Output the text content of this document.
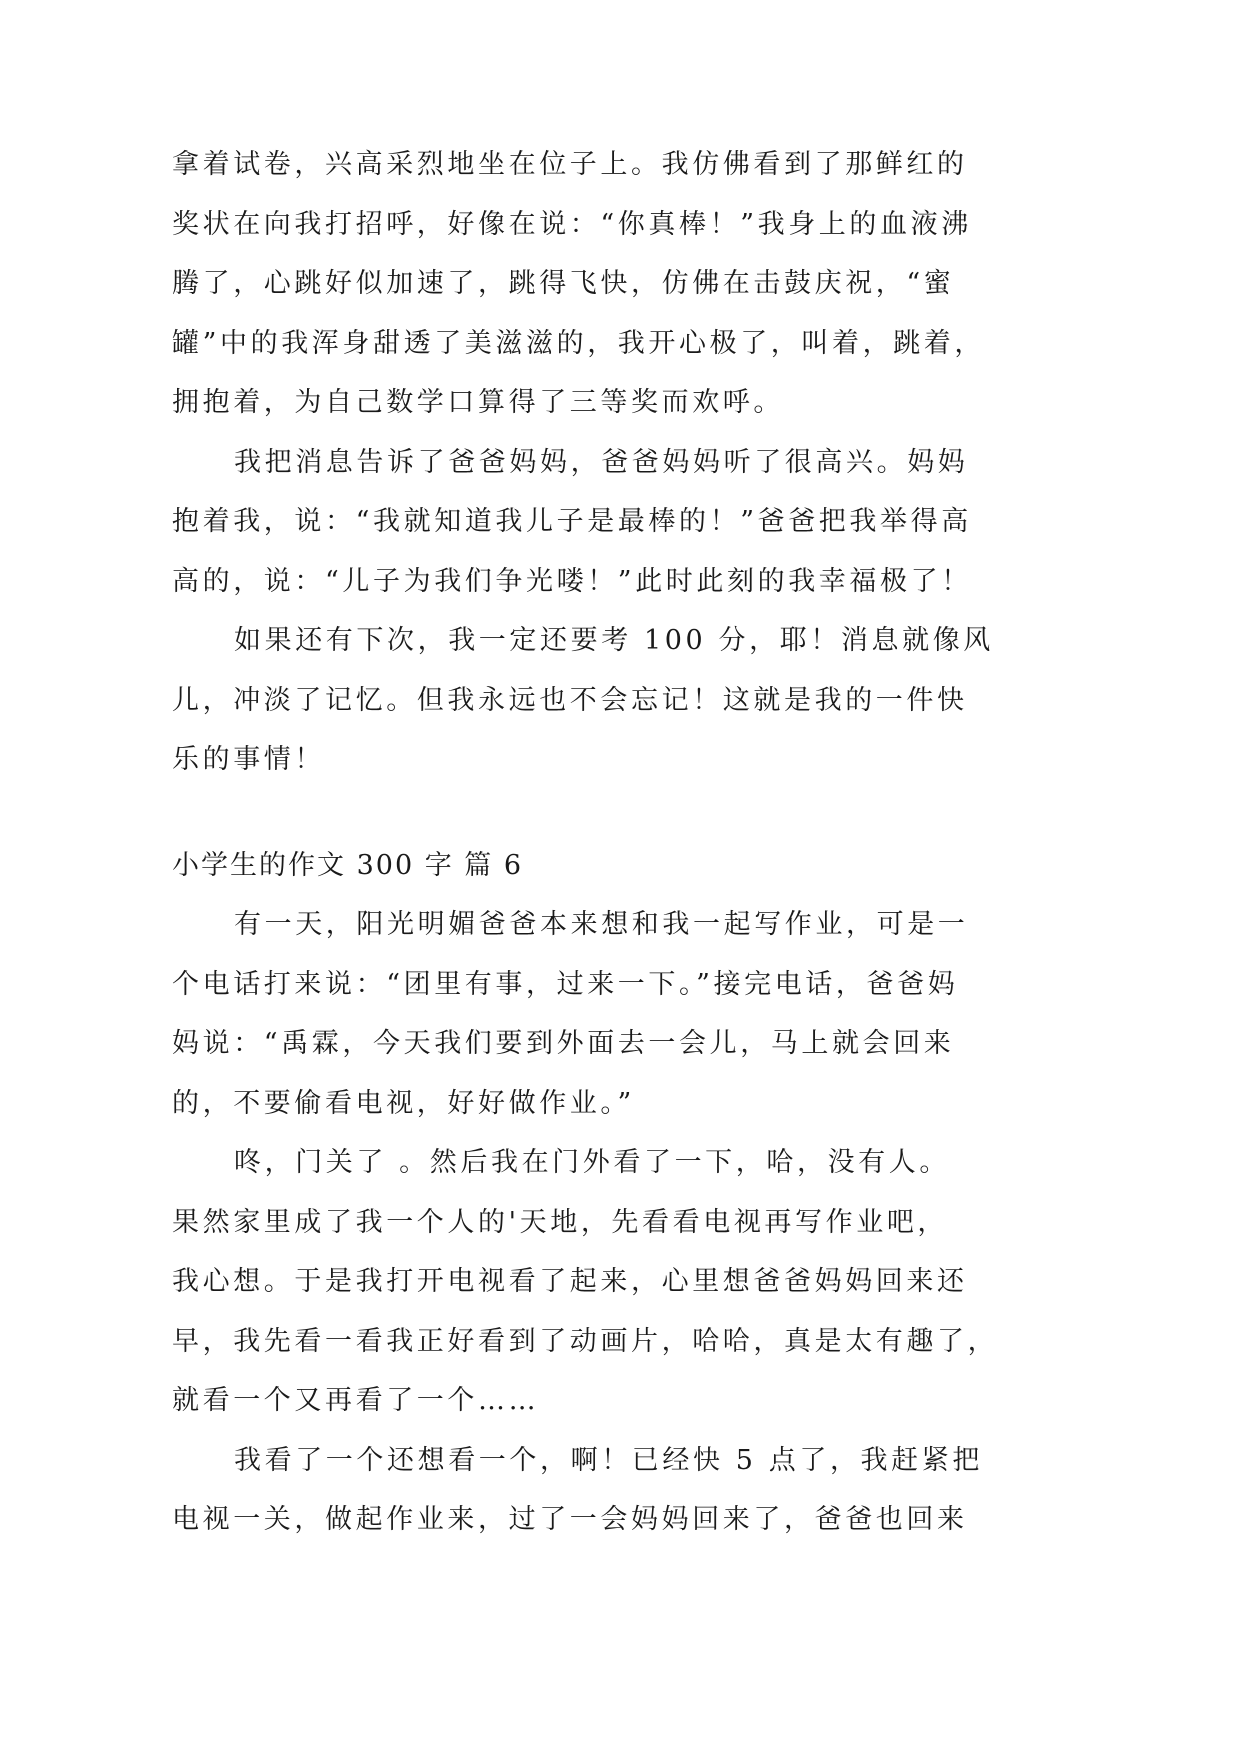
拿着试卷，兴高采烈地坐在位子上。我仿佛看到了那鲜红的
奖状在向我打招呼，好像在说：“你真棒！”我身上的血液沸
腾了，心跳好似加速了，跳得飞快，仿佛在击鼓庆祝，“蜜
罐”中的我浑身甜透了美滋滋的，我开心极了，叫着，跳着，
拥抱着，为自己数学口算得了三等奖而欢呼。
我把消息告诉了爸爸妈妈，爸爸妈妈听了很高兴。妈妈
抱着我，说：“我就知道我儿子是最棒的！”爸爸把我举得高
高的，说：“儿子为我们争光喽！”此时此刻的我幸福极了！
如果还有下次，我一定还要考 100 分，耶！消息就像风
儿，冲淡了记忆。但我永远也不会忘记！这就是我的一件快
乐的事情！
小学生的作文 300 字 篇 6
有一天，阳光明媚爸爸本来想和我一起写作业，可是一
个电话打来说：“团里有事，过来一下。”接完电话，爸爸妈
妈说：“禹霖，今天我们要到外面去一会儿，马上就会回来
的，不要偷看电视，好好做作业。”
咚，门关了 。然后我在门外看了一下，哈，没有人。
果然家里成了我一个人的'天地，先看看电视再写作业吧，
我心想。于是我打开电视看了起来，心里想爸爸妈妈回来还
早，我先看一看我正好看到了动画片，哈哈，真是太有趣了，
就看一个又再看了一个……
我看了一个还想看一个，啊！已经快 5 点了，我赶紧把
电视一关，做起作业来，过了一会妈妈回来了，爸爸也回来
